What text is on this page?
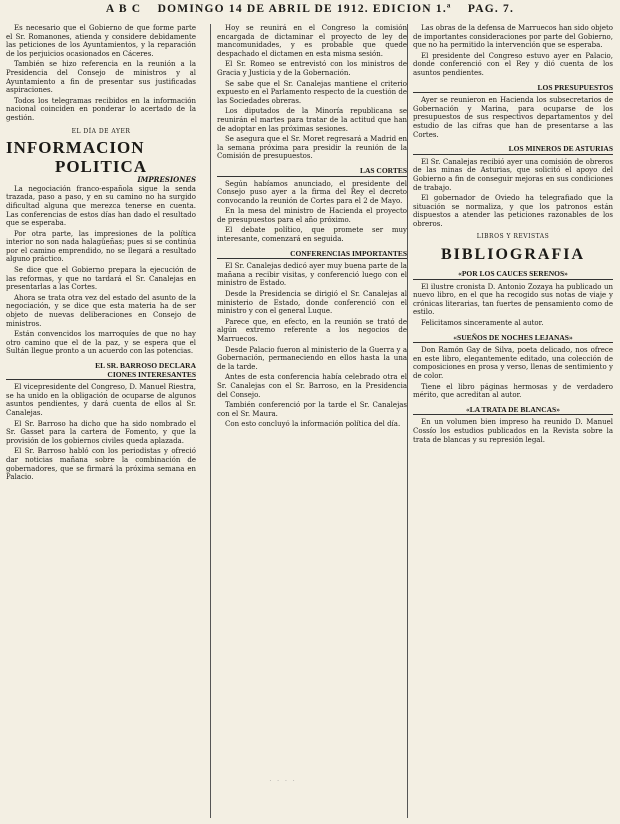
A B C DOMINGO 14 DE ABRIL DE 1912. EDICION 1.ª PAG. 7.

Es necesario que el Gobierno de que forme parte el Sr. Romanones, atienda y considere debidamente las peticiones de los Ayuntamientos, y la reparación de los perjuicios ocasionados en Cáceres.

También se hizo referencia en la reunión a la Presidencia del Consejo de ministros y al Ayuntamiento a fin de presentar sus justificadas aspiraciones.

Todos los telegramas recibidos en la información nacional coinciden en ponderar lo acertado de la gestión.

EL DÍA DE AYER
INFORMACION
POLITICA
IMPRESIONES

La negociación franco-española sigue la senda trazada, paso a paso, y en su camino no ha surgido dificultad alguna que merezca tenerse en cuenta. Las conferencias de estos días han dado el resultado que se esperaba.

Por otra parte, las impresiones de la política interior no son nada halagüeñas; pues si se continúa por el camino emprendido, no se llegará a resultado alguno práctico.

Se dice que el Gobierno prepara la ejecución de las reformas, y que no tardará el Sr. Canalejas en presentarlas a las Cortes.

Ahora se trata otra vez del estado del asunto de la negociación, y se dice que esta materia ha de ser objeto de nuevas deliberaciones en Consejo de ministros.

Están convencidos los marroquíes de que no hay otro camino que el de la paz, y se espera que el Sultán llegue pronto a un acuerdo con las potencias.

EL SR. BARROSO DECLARA
CIONES INTERESANTES

El vicepresidente del Congreso, D. Manuel Riestra, se ha unido en la obligación de ocuparse de algunos asuntos pendientes, y dará cuenta de ellos al Sr. Canalejas.

El Sr. Barroso ha dicho que ha sido nombrado el Sr. Gasset para la cartera de Fomento, y que la provisión de los gobiernos civiles queda aplazada.

El Sr. Barroso habló con los periodistas y ofreció dar noticias mañana sobre la combinación de gobernadores, que se firmará la próxima semana en Palacio.

Hoy se reunirá en el Congreso la comisión encargada de dictaminar el proyecto de ley de mancomunidades, y es probable que quede despachado el dictamen en esta misma sesión.

El Sr. Romeo se entrevistó con los ministros de Gracia y Justicia y de la Gobernación.

Se sabe que el Sr. Canalejas mantiene el criterio expuesto en el Parlamento respecto de la cuestión de las Sociedades obreras.

Los diputados de la Minoría republicana se reunirán el martes para tratar de la actitud que han de adoptar en las próximas sesiones.

Se asegura que el Sr. Moret regresará a Madrid en la semana próxima para presidir la reunión de la Comisión de presupuestos.

LAS CORTES

Según habíamos anunciado, el presidente del Consejo puso ayer a la firma del Rey el decreto convocando la reunión de Cortes para el 2 de Mayo.

En la mesa del ministro de Hacienda el proyecto de presupuestos para el año próximo.

El debate político, que promete ser muy interesante, comenzará en seguida.

CONFERENCIAS IMPORTANTES

El Sr. Canalejas dedicó ayer muy buena parte de la mañana a recibir visitas, y conferenció luego con el ministro de Estado.

Desde la Presidencia se dirigió el Sr. Canalejas al ministerio de Estado, donde conferenció con el ministro y con el general Luque.

Parece que, en efecto, en la reunión se trató de algún extremo referente a los negocios de Marruecos.

Desde Palacio fueron al ministerio de la Guerra y a Gobernación, permaneciendo en ellos hasta la una de la tarde.

Antes de esta conferencia había celebrado otra el Sr. Canalejas con el Sr. Barroso, en la Presidencia del Consejo.

También conferenció por la tarde el Sr. Canalejas con el Sr. Maura.

Con esto concluyó la información política del día.

Las obras de la defensa de Marruecos han sido objeto de importantes consideraciones por parte del Gobierno, que no ha permitido la intervención que se esperaba.

El presidente del Congreso estuvo ayer en Palacio, donde conferenció con el Rey y dió cuenta de los asuntos pendientes.

LOS PRESUPUESTOS

Ayer se reunieron en Hacienda los subsecretarios de Gobernación y Marina, para ocuparse de los presupuestos de sus respectivos departamentos y del estudio de las cifras que han de presentarse a las Cortes.

LOS MINEROS DE ASTURIAS

El Sr. Canalejas recibió ayer una comisión de obreros de las minas de Asturias, que solicitó el apoyo del Gobierno a fin de conseguir mejoras en sus condiciones de trabajo.

El gobernador de Oviedo ha telegrafiado que la situación se normaliza, y que los patronos están dispuestos a atender las peticiones razonables de los obreros.

LIBROS Y REVISTAS
BIBLIOGRAFIA
«POR LOS CAUCES SERENOS»

El ilustre cronista D. Antonio Zozaya ha publicado un nuevo libro, en el que ha recogido sus notas de viaje y crónicas literarias, tan fuertes de pensamiento como de estilo.

Felicitamos sinceramente al autor.

«SUEÑOS DE NOCHES LEJANAS»

Don Ramón Gay de Silva, poeta delicado, nos ofrece en este libro, elegantemente editado, una colección de composiciones en prosa y verso, llenas de sentimiento y de color.

Tiene el libro páginas hermosas y de verdadero mérito, que acreditan al autor.

«LA TRATA DE BLANCAS»

En un volumen bien impreso ha reunido D. Manuel Cossío los estudios publicados en la Revista sobre la trata de blancas y su represión legal.

· · · ·
